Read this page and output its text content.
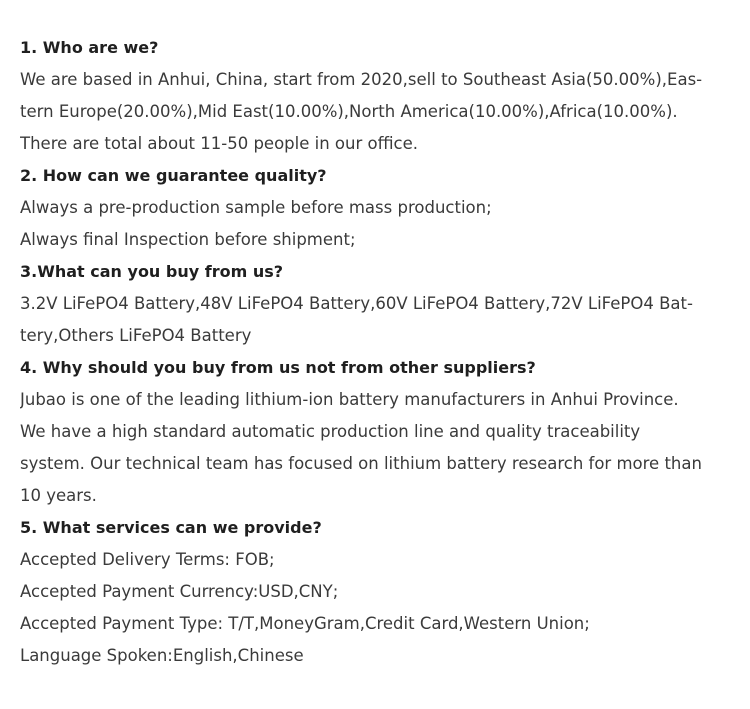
1. Who are we?
We are based in Anhui, China, start from 2020,sell to Southeast Asia(50.00%),Eas-
tern Europe(20.00%),Mid East(10.00%),North America(10.00%),Africa(10.00%).
There are total about 11-50 people in our office.
2. How can we guarantee quality?
Always a pre-production sample before mass production;
Always final Inspection before shipment;
3.What can you buy from us?
3.2V LiFePO4 Battery,48V LiFePO4 Battery,60V LiFePO4 Battery,72V LiFePO4 Bat-
tery,Others LiFePO4 Battery
4. Why should you buy from us not from other suppliers?
Jubao is one of the leading lithium-ion battery manufacturers in Anhui Province.
We have a high standard automatic production line and quality traceability
system. Our technical team has focused on lithium battery research for more than
10 years.
5. What services can we provide?
Accepted Delivery Terms: FOB;
Accepted Payment Currency:USD,CNY;
Accepted Payment Type: T/T,MoneyGram,Credit Card,Western Union;
Language Spoken:English,Chinese
